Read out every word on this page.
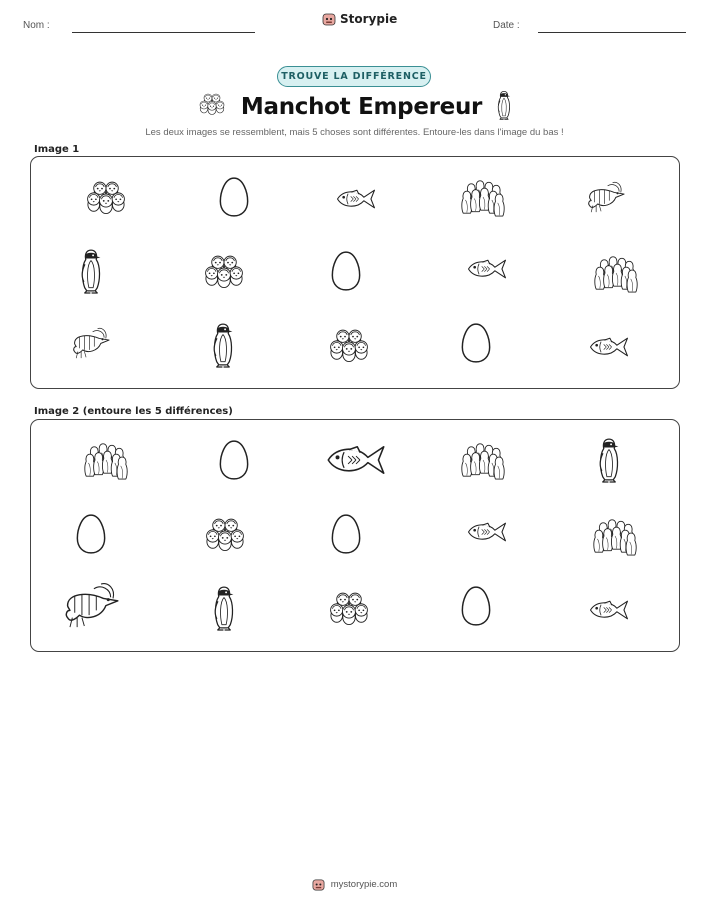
Nom :	Storypie	Date :
TROUVE LA DIFFÉRENCE
Manchot Empereur
Les deux images se ressemblent, mais 5 choses sont différentes. Entoure-les dans l'image du bas !
Image 1
Image 2 (entoure les 5 différences)
mystorypie.com
